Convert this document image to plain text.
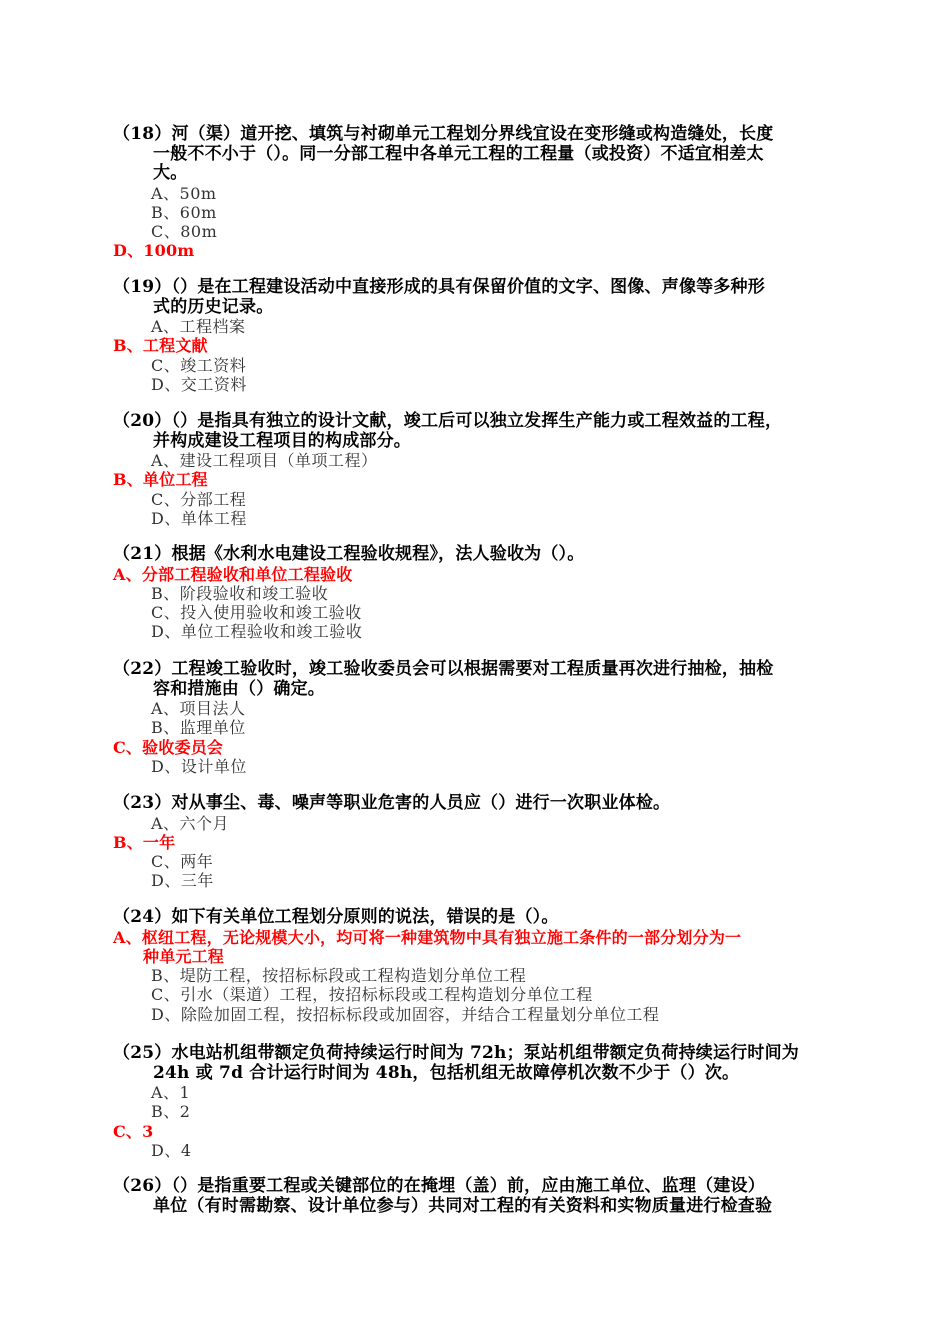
（18）河（渠）道开挖、填筑与衬砌单元工程划分界线宜设在变形缝或构造缝处，长度
一般不不小于（）。同一分部工程中各单元工程的工程量（或投资）不适宜相差太
大。
A、50m
B、60m
C、80m
D、100m
（19）（）是在工程建设活动中直接形成的具有保留价值的文字、图像、声像等多种形
式的历史记录。
A、工程档案
B、工程文献
C、竣工资料
D、交工资料
（20）（）是指具有独立的设计文献，竣工后可以独立发挥生产能力或工程效益的工程，
并构成建设工程项目的构成部分。
A、建设工程项目（单项工程）
B、单位工程
C、分部工程
D、单体工程
（21）根据《水利水电建设工程验收规程》，法人验收为（）。
A、分部工程验收和单位工程验收
B、阶段验收和竣工验收
C、投入使用验收和竣工验收
D、单位工程验收和竣工验收
（22）工程竣工验收时，竣工验收委员会可以根据需要对工程质量再次进行抽检，抽检
容和措施由（）确定。
A、项目法人
B、监理单位
C、验收委员会
D、设计单位
（23）对从事尘、毒、噪声等职业危害的人员应（）进行一次职业体检。
A、六个月
B、一年
C、两年
D、三年
（24）如下有关单位工程划分原则的说法，错误的是（）。
A、枢纽工程，无论规模大小，均可将一种建筑物中具有独立施工条件的一部分划分为一
种单元工程
B、堤防工程，按招标标段或工程构造划分单位工程
C、引水（渠道）工程，按招标标段或工程构造划分单位工程
D、除险加固工程，按招标标段或加固容，并结合工程量划分单位工程
（25）水电站机组带额定负荷持续运行时间为 72h；泵站机组带额定负荷持续运行时间为
24h 或 7d 合计运行时间为 48h，包括机组无故障停机次数不少于（）次。
A、1
B、2
C、3
D、4
（26）（）是指重要工程或关键部位的在掩埋（盖）前，应由施工单位、监理（建设）
单位（有时需勘察、设计单位参与）共同对工程的有关资料和实物质量进行检查验
